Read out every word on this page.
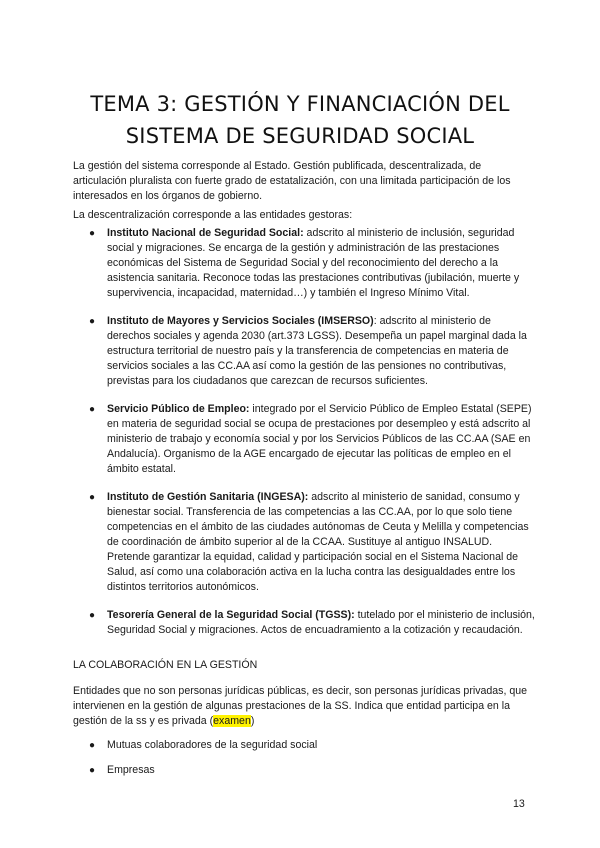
TEMA 3: GESTIÓN Y FINANCIACIÓN DEL SISTEMA DE SEGURIDAD SOCIAL

La gestión del sistema corresponde al Estado. Gestión publificada, descentralizada, de articulación pluralista con fuerte grado de estatalización, con una limitada participación de los interesados en los órganos de gobierno.

La descentralización corresponde a las entidades gestoras:

● Instituto Nacional de Seguridad Social: adscrito al ministerio de inclusión, seguridad social y migraciones. Se encarga de la gestión y administración de las prestaciones económicas del Sistema de Seguridad Social y del reconocimiento del derecho a la asistencia sanitaria. Reconoce todas las prestaciones contributivas (jubilación, muerte y supervivencia, incapacidad, maternidad…) y también el Ingreso Mínimo Vital.
● Instituto de Mayores y Servicios Sociales (IMSERSO): adscrito al ministerio de derechos sociales y agenda 2030 (art.373 LGSS). Desempeña un papel marginal dada la estructura territorial de nuestro país y la transferencia de competencias en materia de servicios sociales a las CC.AA así como la gestión de las pensiones no contributivas, previstas para los ciudadanos que carezcan de recursos suficientes.
● Servicio Público de Empleo: integrado por el Servicio Público de Empleo Estatal (SEPE) en materia de seguridad social se ocupa de prestaciones por desempleo y está adscrito al ministerio de trabajo y economía social y por los Servicios Públicos de las CC.AA (SAE en Andalucía). Organismo de la AGE encargado de ejecutar las políticas de empleo en el ámbito estatal.
● Instituto de Gestión Sanitaria (INGESA): adscrito al ministerio de sanidad, consumo y bienestar social. Transferencia de las competencias a las CC.AA, por lo que solo tiene competencias en el ámbito de las ciudades autónomas de Ceuta y Melilla y competencias de coordinación de ámbito superior al de la CCAA. Sustituye al antiguo INSALUD. Pretende garantizar la equidad, calidad y participación social en el Sistema Nacional de Salud, así como una colaboración activa en la lucha contra las desigualdades entre los distintos territorios autonómicos.
● Tesorería General de la Seguridad Social (TGSS): tutelado por el ministerio de inclusión, Seguridad Social y migraciones. Actos de encuadramiento a la cotización y recaudación.
LA COLABORACIÓN EN LA GESTIÓN

Entidades que no son personas jurídicas públicas, es decir, son personas jurídicas privadas, que intervienen en la gestión de algunas prestaciones de la SS. Indica que entidad participa en la gestión de la ss y es privada (examen)

● Mutuas colaboradores de la seguridad social
● Empresas
13
